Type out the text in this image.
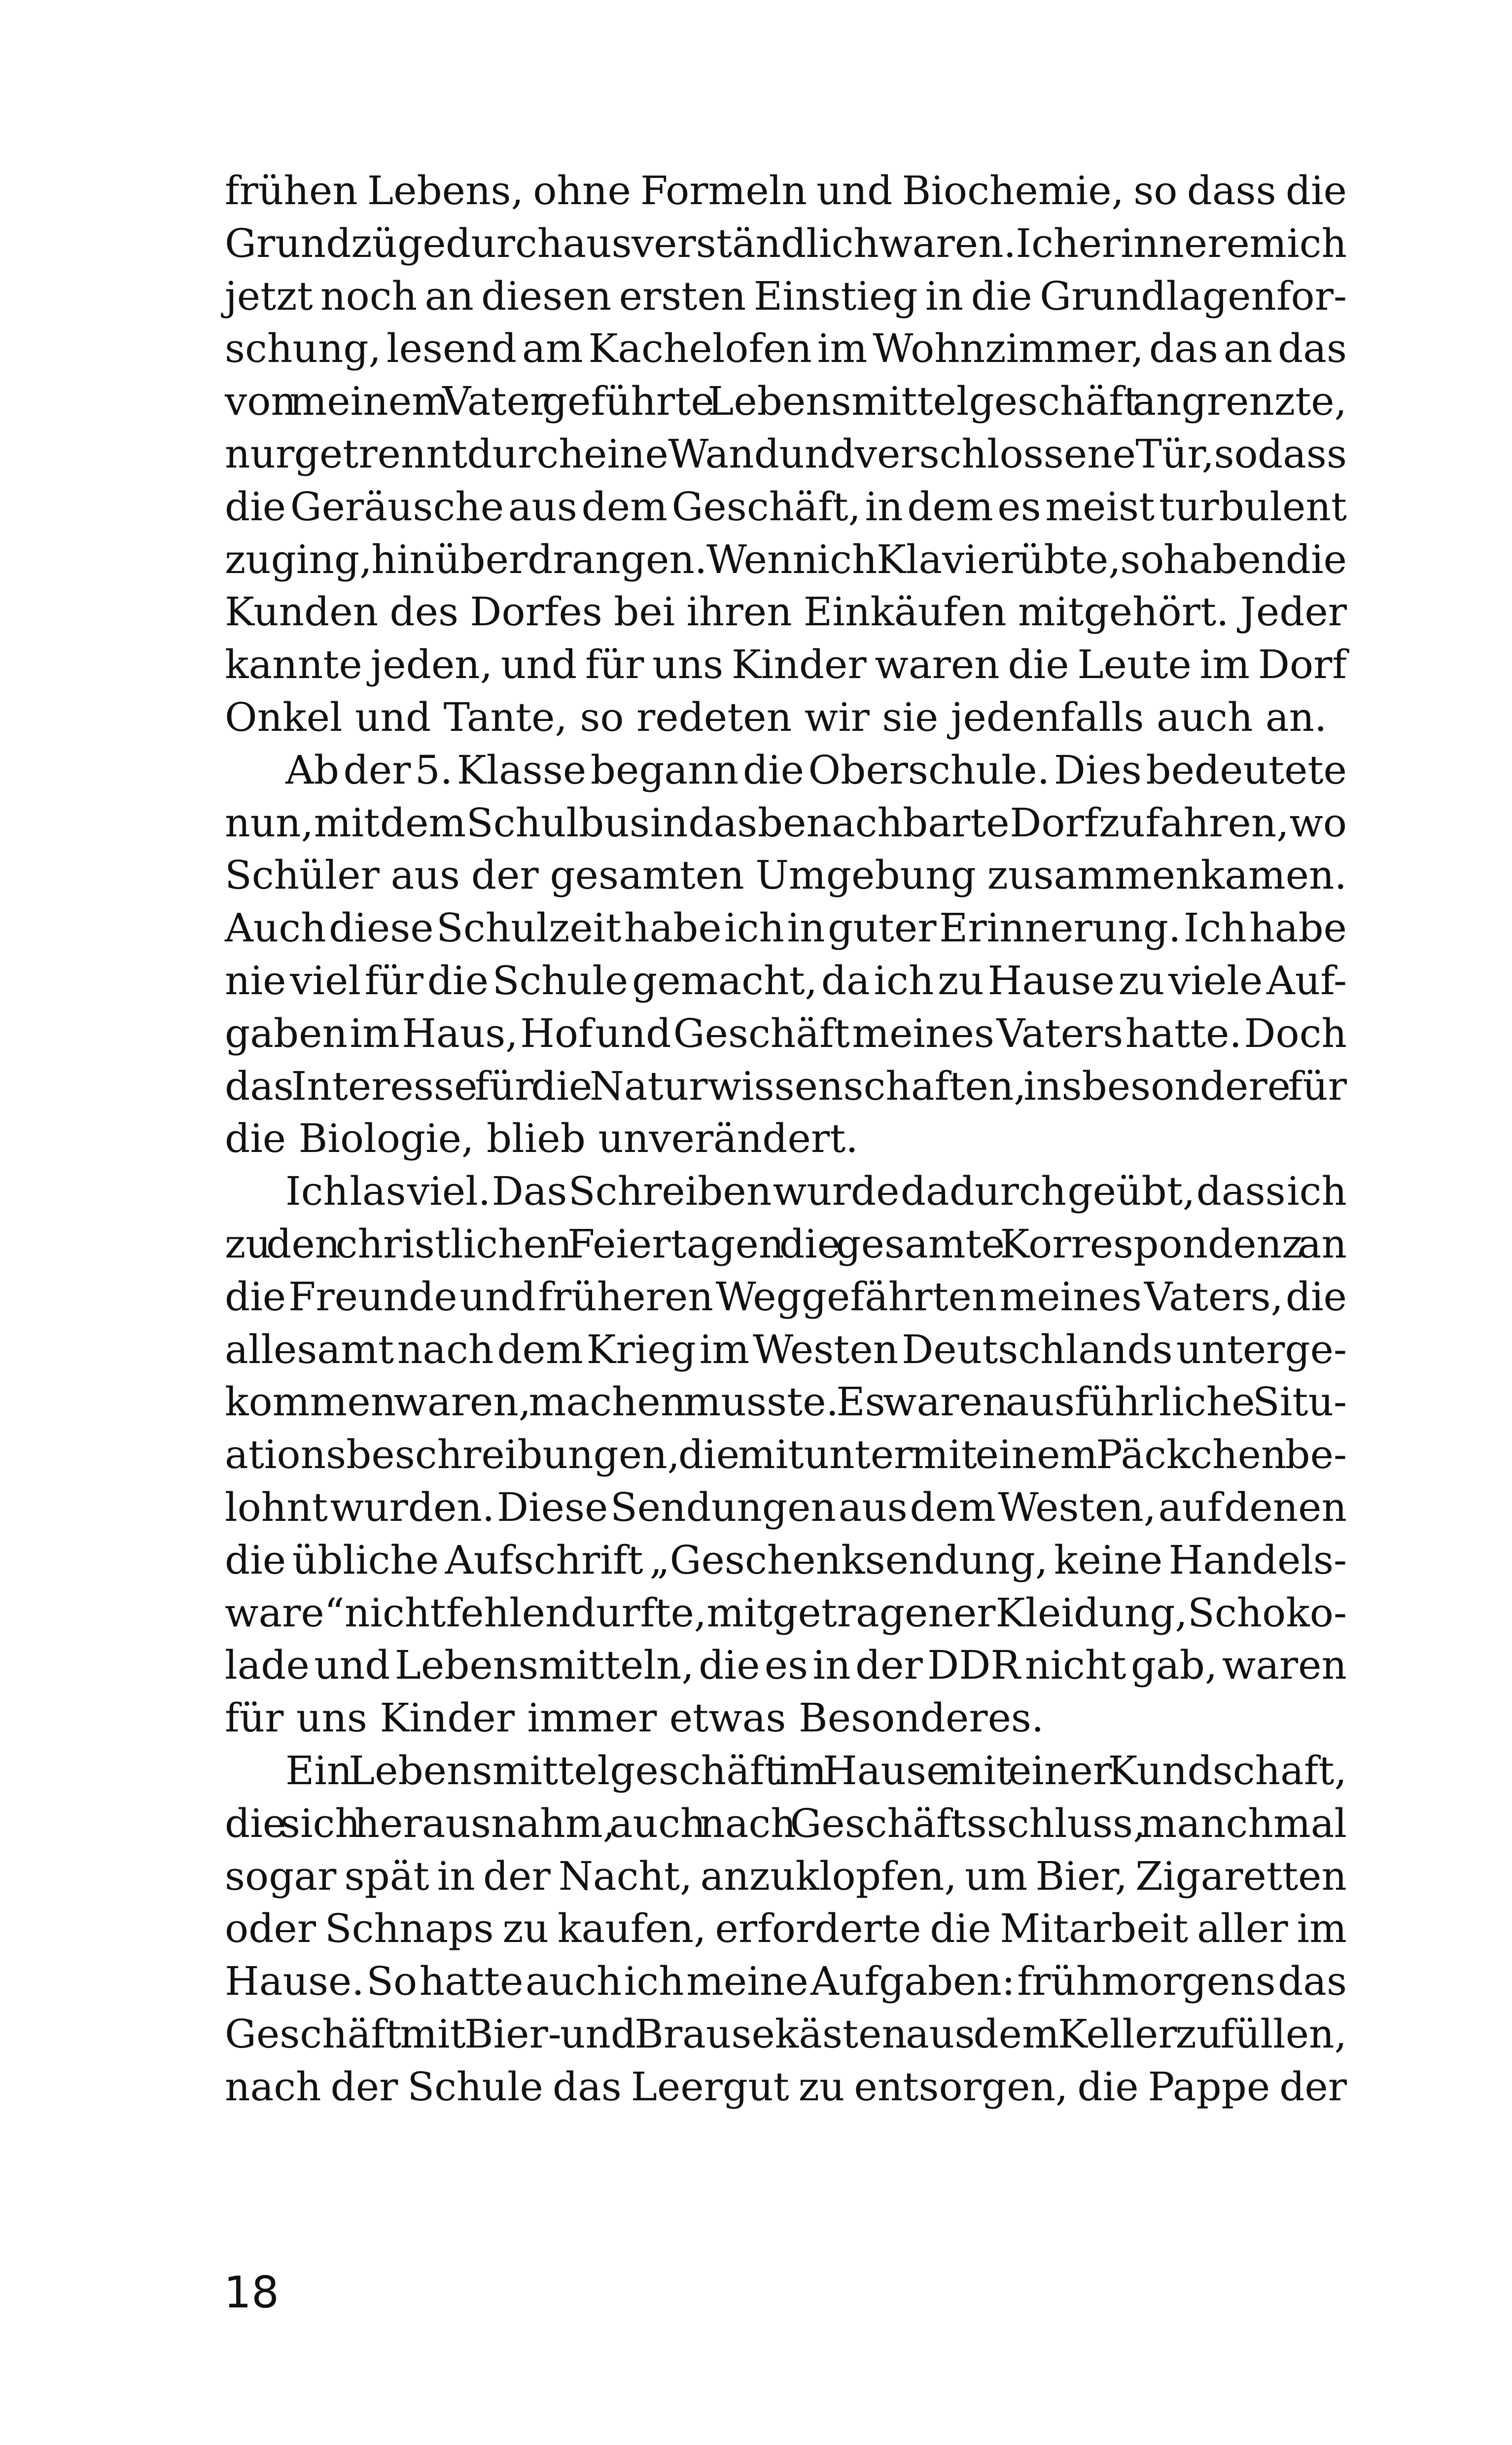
frühen Lebens, ohne Formeln und Biochemie, so dass die
Grundzüge durchaus verständlich waren. Ich erinnere mich
jetzt noch an diesen ersten Einstieg in die Grundlagenfor-
schung, lesend am Kachelofen im Wohnzimmer, das an das
von meinem Vater geführte Lebensmittelgeschäft angrenzte,
nur getrennt durch eine Wand und verschlossene Tür, so dass
die Geräusche aus dem Geschäft, in dem es meist turbulent
zuging, hinüberdrangen. Wenn ich Klavier übte, so haben die
Kunden des Dorfes bei ihren Einkäufen mitgehört. Jeder
kannte jeden, und für uns Kinder waren die Leute im Dorf
Onkel und Tante, so redeten wir sie jedenfalls auch an.

Ab der 5. Klasse begann die Oberschule. Dies bedeutete
nun, mit dem Schulbus in das benachbarte Dorf zu fahren, wo
Schüler aus der gesamten Umgebung zusammenkamen.
Auch diese Schulzeit habe ich in guter Erinnerung. Ich habe
nie viel für die Schule gemacht, da ich zu Hause zu viele Auf-
gaben im Haus, Hof und Geschäft meines Vaters hatte. Doch
das Interesse für die Naturwissenschaften, insbesondere für
die Biologie, blieb unverändert.

Ich las viel. Das Schreiben wurde dadurch geübt, dass ich
zu den christlichen Feiertagen die gesamte Korrespondenz an
die Freunde und früheren Weggefährten meines Vaters, die
allesamt nach dem Krieg im Westen Deutschlands unterge-
kommen waren, machen musste. Es waren ausführliche Situ-
ationsbeschreibungen, die mitunter mit einem Päckchen be-
lohnt wurden. Diese Sendungen aus dem Westen, auf denen
die übliche Aufschrift „Geschenksendung, keine Handels-
ware“ nicht fehlen durfte, mit getragener Kleidung, Schoko-
lade und Lebensmitteln, die es in der DDR nicht gab, waren
für uns Kinder immer etwas Besonderes.

Ein Lebensmittelgeschäft im Hause mit einer Kundschaft,
die sich herausnahm, auch nach Geschäftsschluss, manchmal
sogar spät in der Nacht, anzuklopfen, um Bier, Zigaretten
oder Schnaps zu kaufen, erforderte die Mitarbeit aller im
Hause. So hatte auch ich meine Aufgaben: frühmorgens das
Geschäft mit Bier- und Brausekästen aus dem Keller zu füllen,
nach der Schule das Leergut zu entsorgen, die Pappe der

18
